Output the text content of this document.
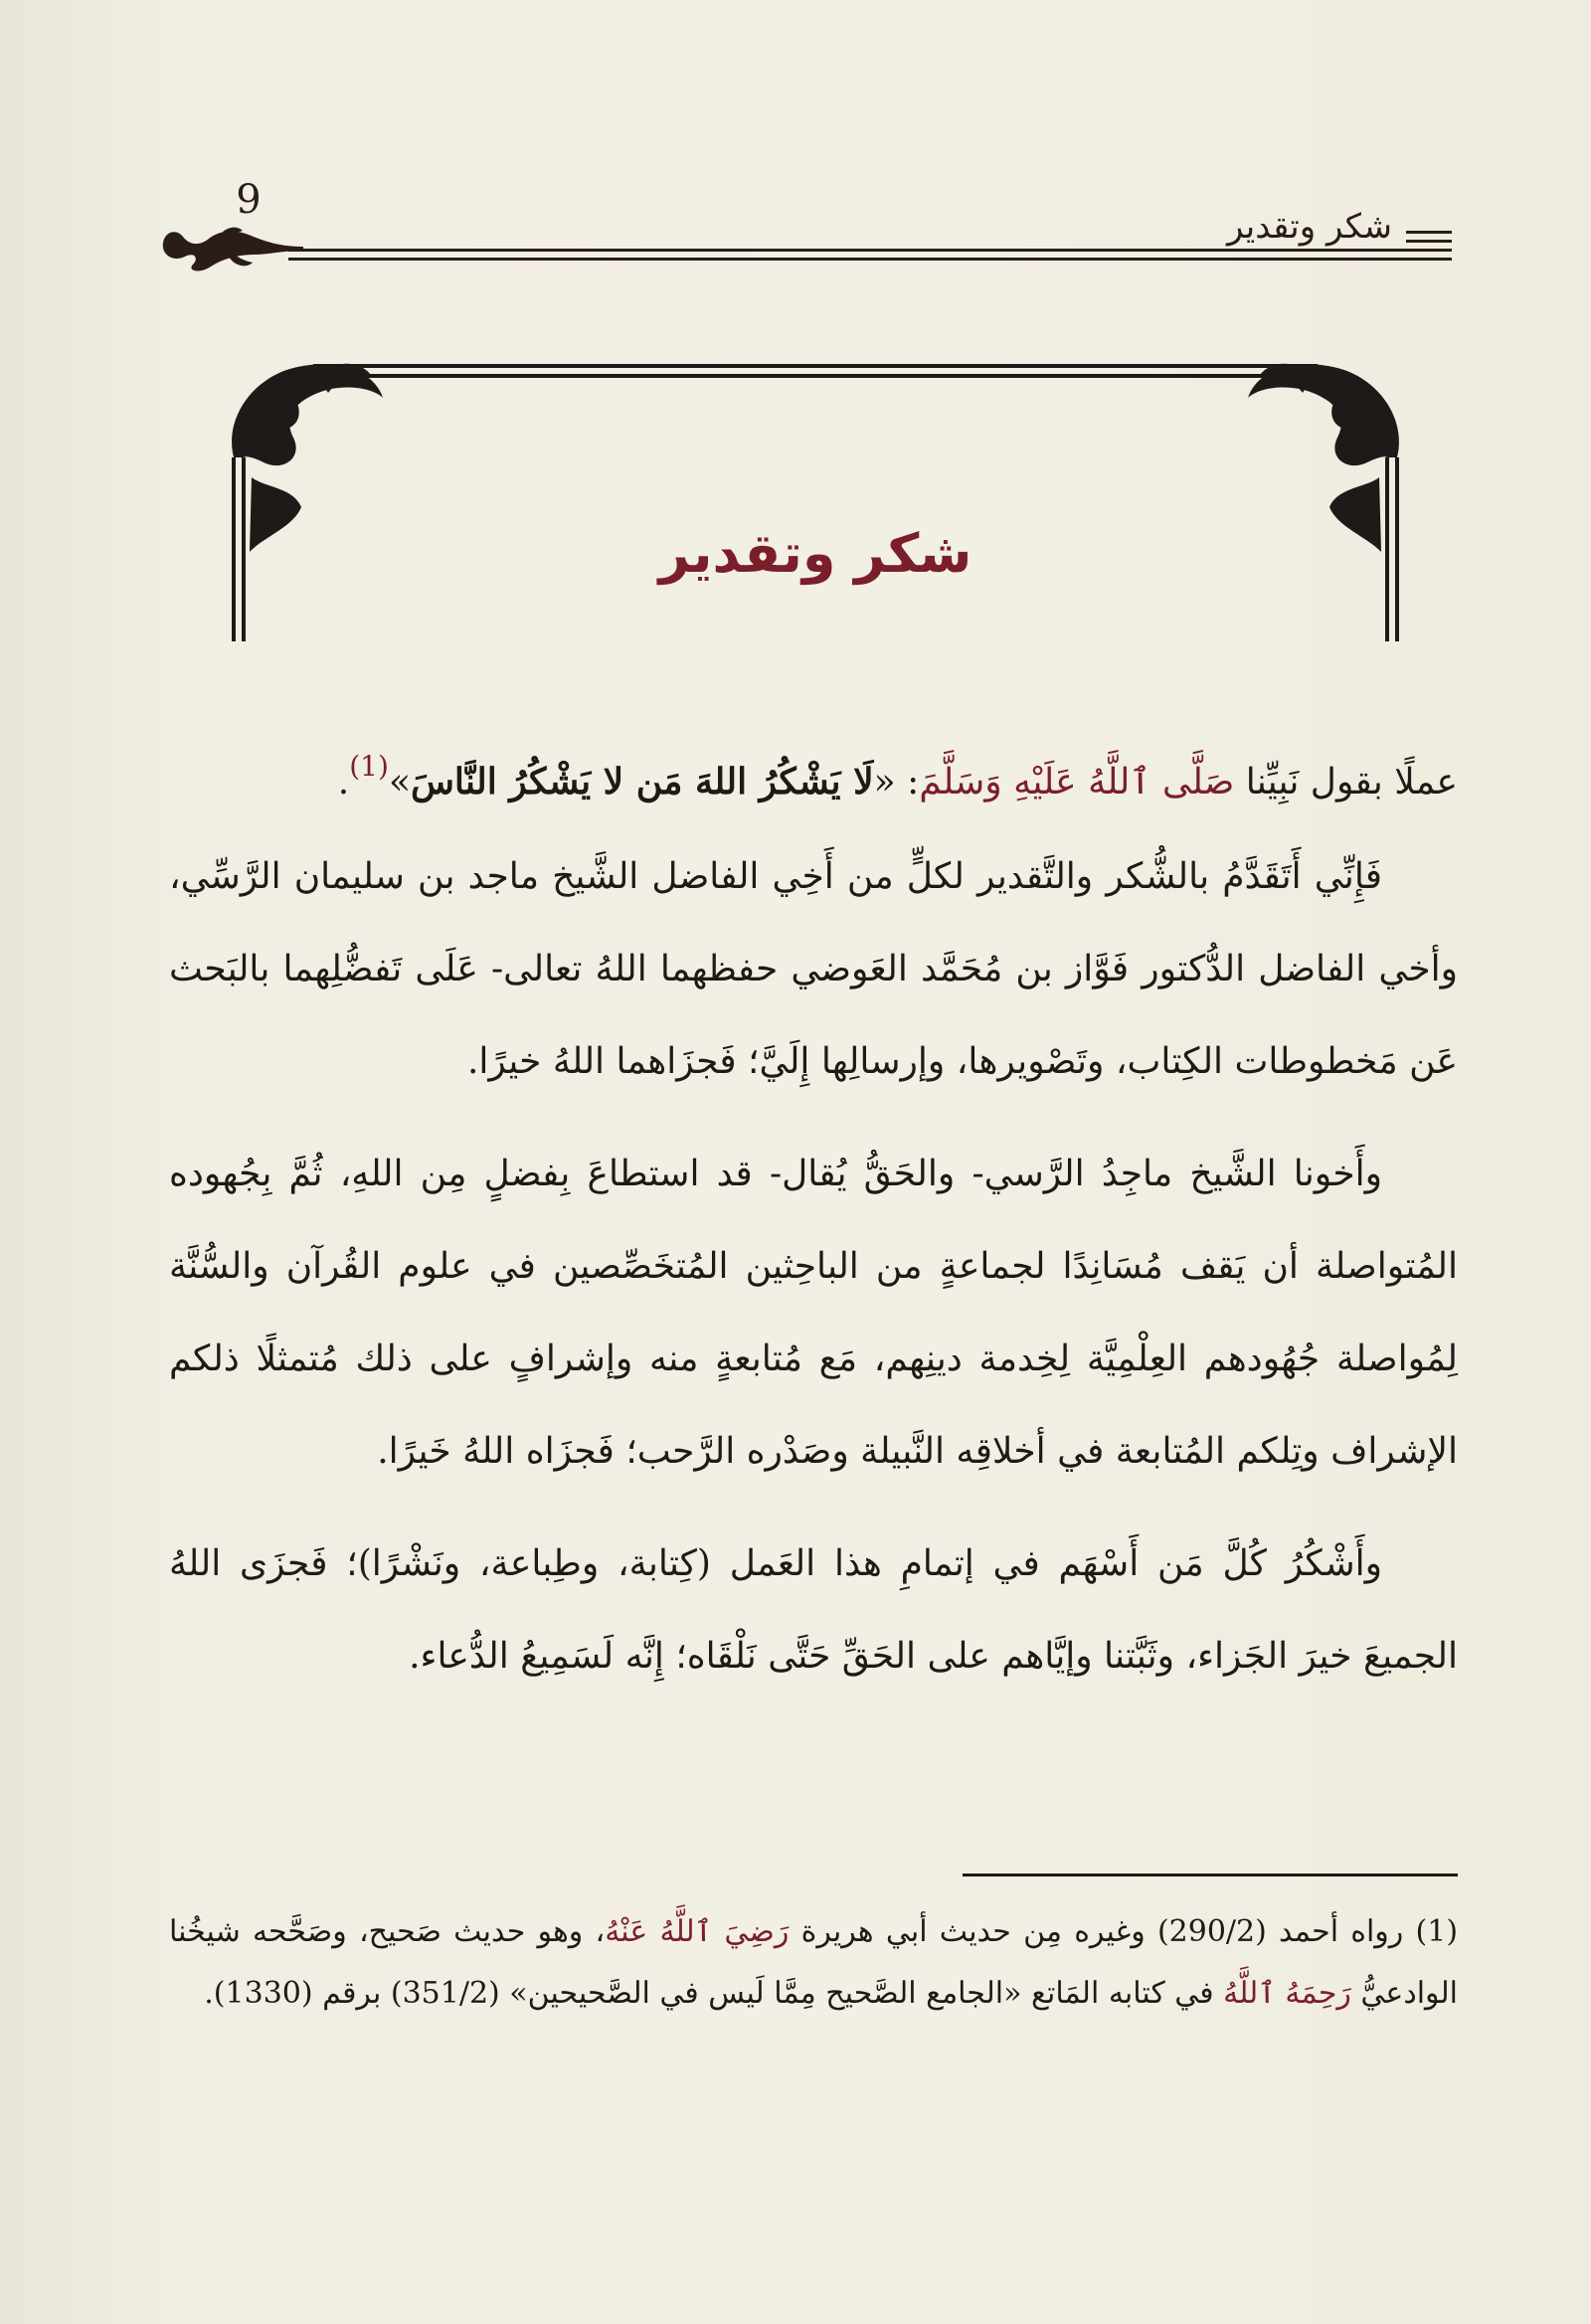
9
شكر وتقدير
شكر وتقدير

عملًا بقول نَبِيِّنا صَلَّى ٱللَّهُ عَلَيْهِ وَسَلَّمَ: «لَا يَشْكُرُ اللهَ مَن لا يَشْكُرُ النَّاسَ»$^{(1)}$.

فَإِنِّي أَتَقَدَّمُ بالشُّكر والتَّقدير لكلٍّ من أَخِي الفاضل الشَّيخ ماجد بن سليمان الرَّسِّي، وأخي الفاضل الدُّكتور فَوَّاز بن مُحَمَّد العَوضي حفظهما اللهُ تعالى- عَلَى تَفضُّلِهما بالبَحث عَن مَخطوطات الكِتاب، وتَصْويرها، وإرسالِها إِلَيَّ؛ فَجزَاهما اللهُ خيرًا.

وأَخونا الشَّيخ ماجِدُ الرَّسي- والحَقُّ يُقال- قد استطاعَ بِفضلٍ مِن اللهِ، ثُمَّ بِجُهوده المُتواصلة أن يَقف مُسَانِدًا لجماعةٍ من الباحِثين المُتخَصِّصين في علوم القُرآن والسُّنَّة لِمُواصلة جُهُودهم العِلْمِيَّة لِخِدمة دينِهم، مَع مُتابعةٍ منه وإشرافٍ على ذلك مُتمثلًا ذلكم الإشراف وتِلكم المُتابعة في أخلاقِه النَّبيلة وصَدْره الرَّحب؛ فَجزَاه اللهُ خَيرًا.

وأَشْكُرُ كُلَّ مَن أَسْهَم في إتمامِ هذا العَمل (كِتابة، وطِباعة، ونَشْرًا)؛ فَجزَى اللهُ الجميعَ خيرَ الجَزاء، وثَبَّتنا وإيَّاهم على الحَقِّ حَتَّى نَلْقَاه؛ إِنَّه لَسَمِيعُ الدُّعاء.

(1) رواه أحمد (290/2) وغيره مِن حديث أبي هريرة رَضِيَ ٱللَّهُ عَنْهُ، وهو حديث صَحيح، وصَحَّحه شيخُنا الوادعيُّ رَحِمَهُ ٱللَّهُ في كتابه المَاتع «الجامع الصَّحيح مِمَّا لَيس في الصَّحيحين» (351/2) برقم (1330).
